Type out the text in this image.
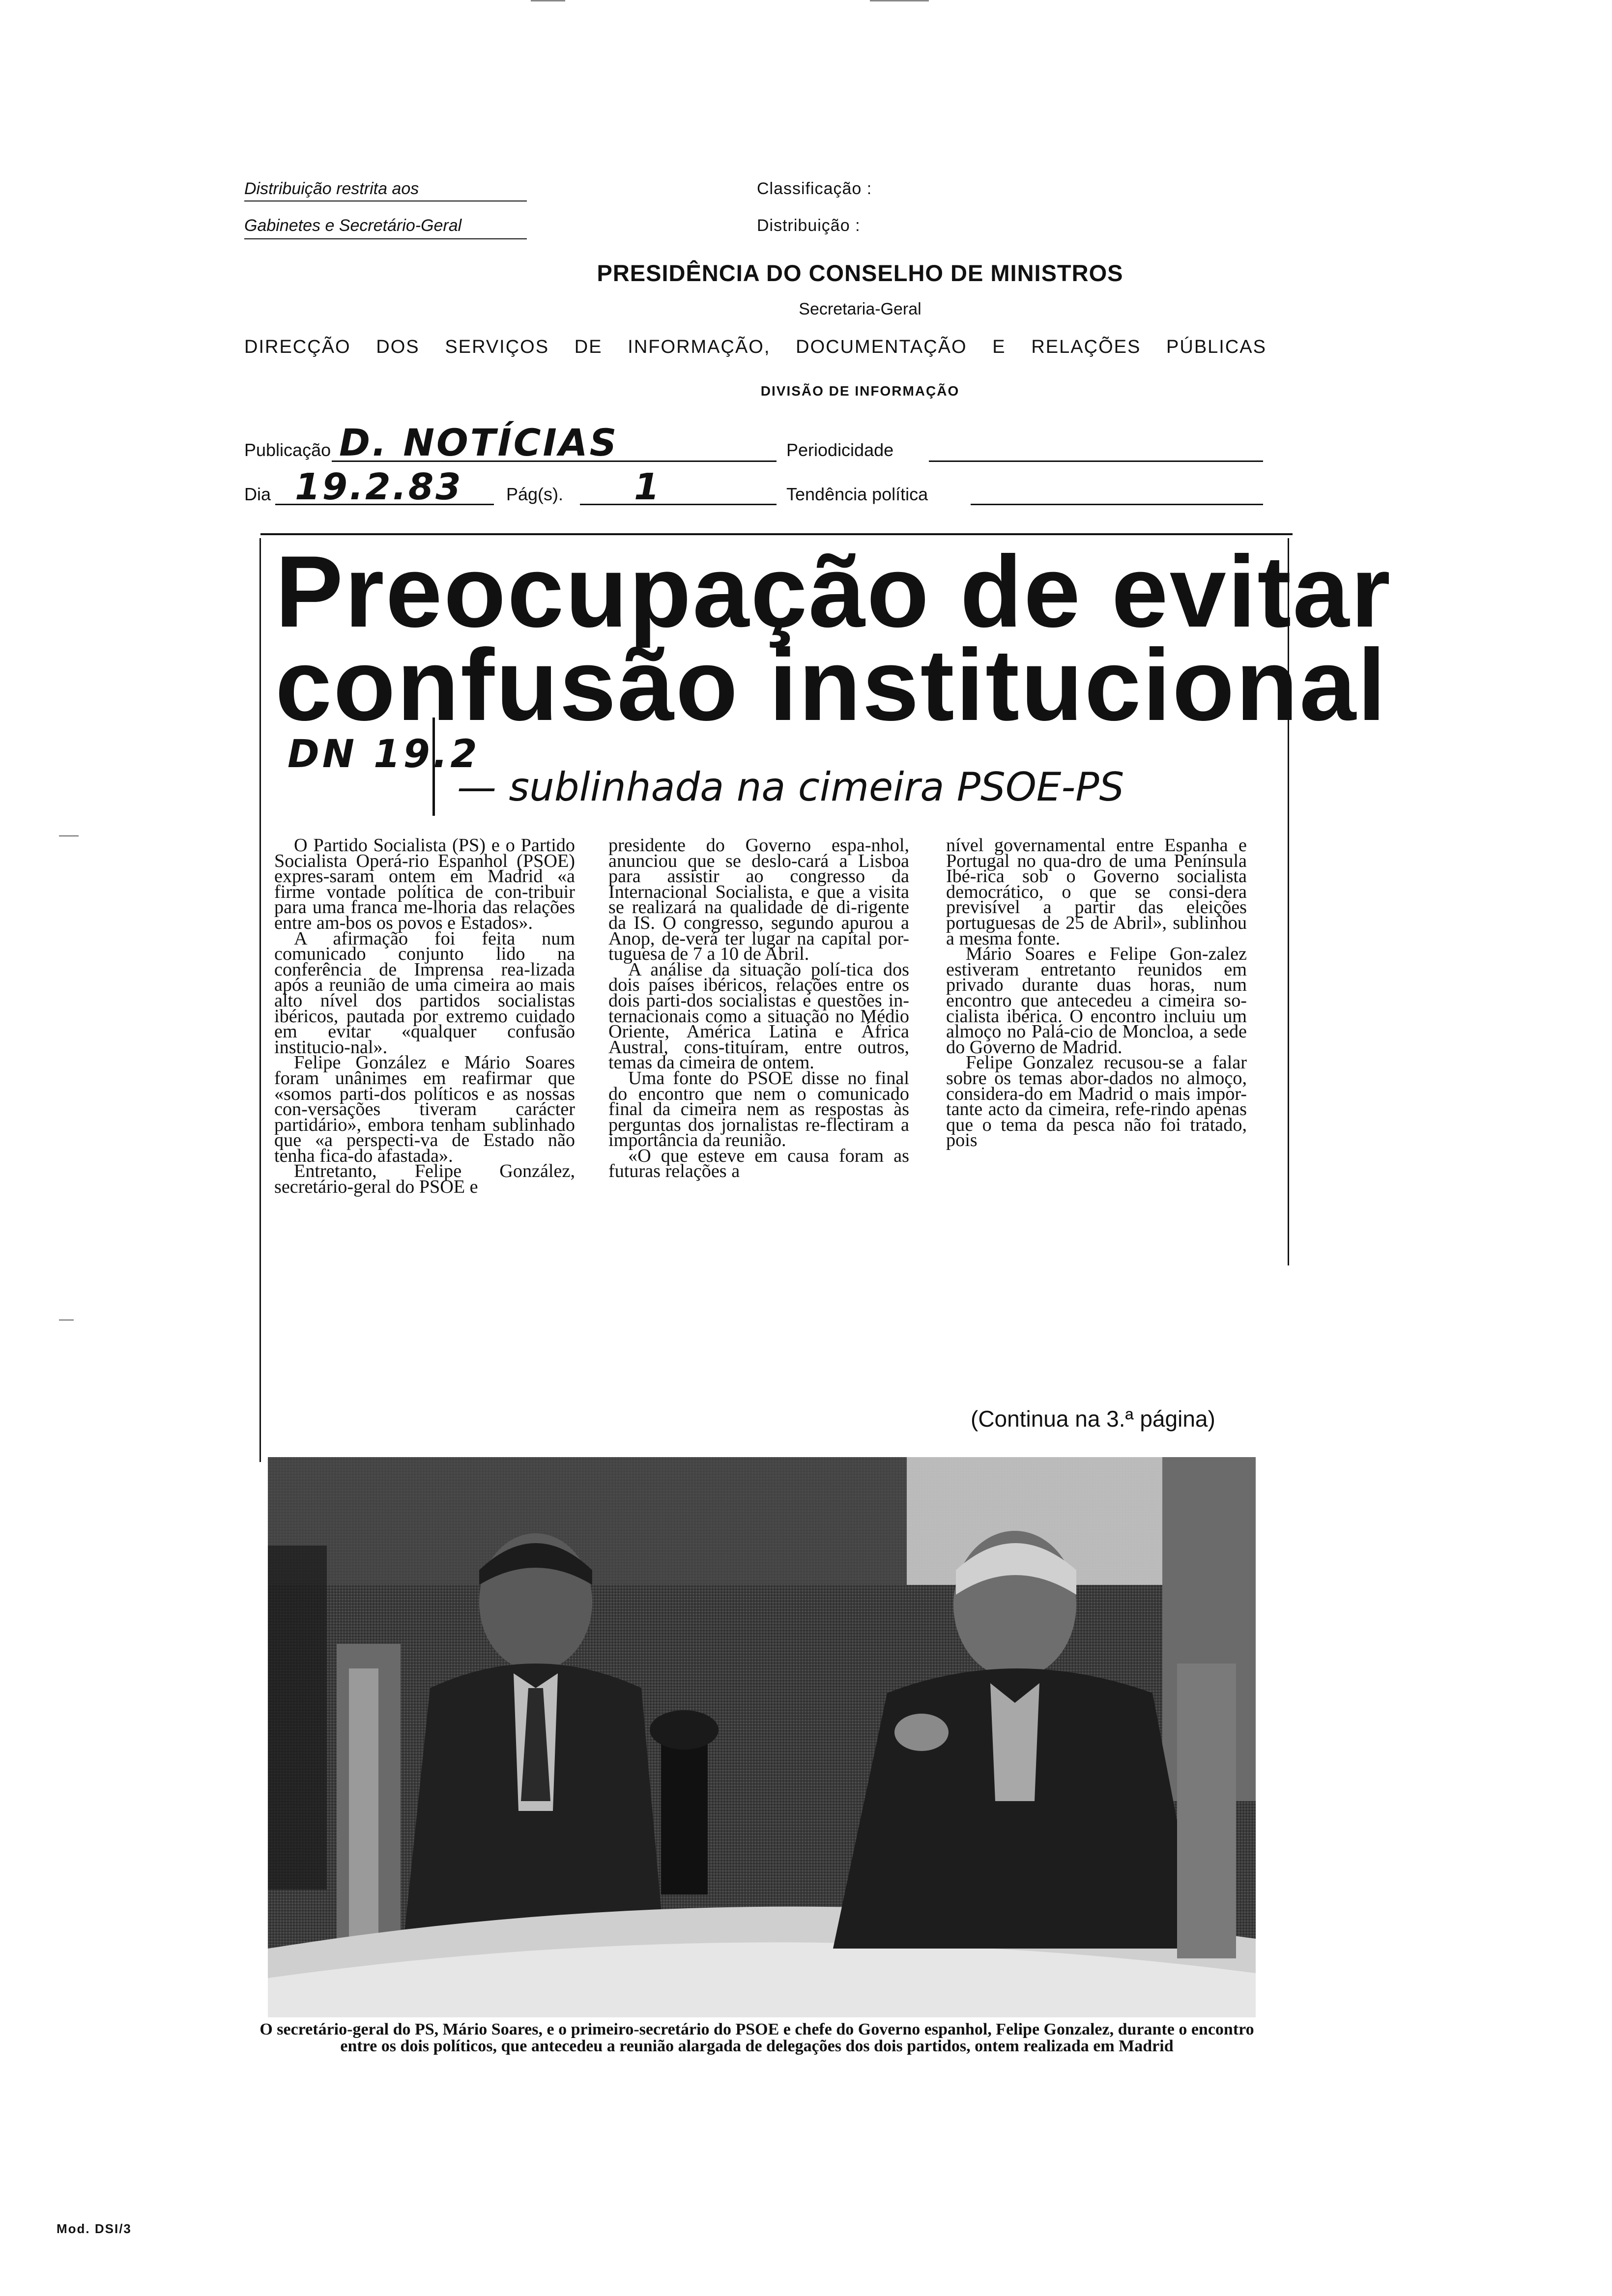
Distribuição restrita aos
Gabinetes e Secretário-Geral
Classificação :
Distribuição :
PRESIDÊNCIA DO CONSELHO DE MINISTROS
Secretaria-Geral
DIRECÇÃO DOS SERVIÇOS DE INFORMAÇÃO, DOCUMENTAÇÃO E RELAÇÕES PÚBLICAS
DIVISÃO DE INFORMAÇÃO
Publicação D. NOTÍCIAS	Periodicidade
Dia 19.2.83 Pág(s). 1	Tendência política
Preocupação de evitar
confusão institucional
DN 19.2
— sublinhada na cimeira PSOE-PS

O Partido Socialista (PS) e o Partido Socialista Operá-rio Espanhol (PSOE) expres-saram ontem em Madrid «a firme vontade política de con-tribuir para uma franca me-lhoria das relações entre am-bos os povos e Estados».

A afirmação foi feita num comunicado conjunto lido na conferência de Imprensa rea-lizada após a reunião de uma cimeira ao mais alto nível dos partidos socialistas ibéricos, pautada por extremo cuidado em evitar «qualquer confusão institucio-nal».

Felipe González e Mário Soares foram unânimes em reafirmar que «somos parti-dos políticos e as nossas con-versações tiveram carácter partidário», embora tenham sublinhado que «a perspecti-va de Estado não tenha fica-do afastada».

Entretanto, Felipe González, secretário-geral do PSOE e

presidente do Governo espa-nhol, anunciou que se deslo-cará a Lisboa para assistir ao congresso da Internacional Socialista, e que a visita se realizará na qualidade de di-rigente da IS. O congresso, segundo apurou a Anop, de-verá ter lugar na capital por-tuguesa de 7 a 10 de Abril.

A análise da situação polí-tica dos dois países ibéricos, relações entre os dois parti-dos socialistas e questões in-ternacionais como a situação no Médio Oriente, América Latina e África Austral, cons-tituíram, entre outros, temas da cimeira de ontem.

Uma fonte do PSOE disse no final do encontro que nem o comunicado final da cimeira nem as respostas às perguntas dos jornalistas re-flectiram a importância da reunião.

«O que esteve em causa foram as futuras relações a

nível governamental entre Espanha e Portugal no qua-dro de uma Península Ibé-rica sob o Governo socialista democrático, o que se consi-dera previsível a partir das eleições portuguesas de 25 de Abril», sublinhou a mesma fonte.

Mário Soares e Felipe Gon-zalez estiveram entretanto reunidos em privado durante duas horas, num encontro que antecedeu a cimeira so-cialista ibérica. O encontro incluiu um almoço no Palá-cio de Moncloa, a sede do Governo de Madrid.

Felipe Gonzalez recusou-se a falar sobre os temas abor-dados no almoço, considera-do em Madrid o mais impor-tante acto da cimeira, refe-rindo apenas que o tema da pesca não foi tratado, pois

(Continua na 3.ª página)
O secretário-geral do PS, Mário Soares, e o primeiro-secretário do PSOE e chefe do Governo espanhol, Felipe Gonzalez, durante o encontro entre os dois políticos, que antecedeu a reunião alargada de delegações dos dois partidos, ontem realizada em Madrid
Mod. DSI/3
